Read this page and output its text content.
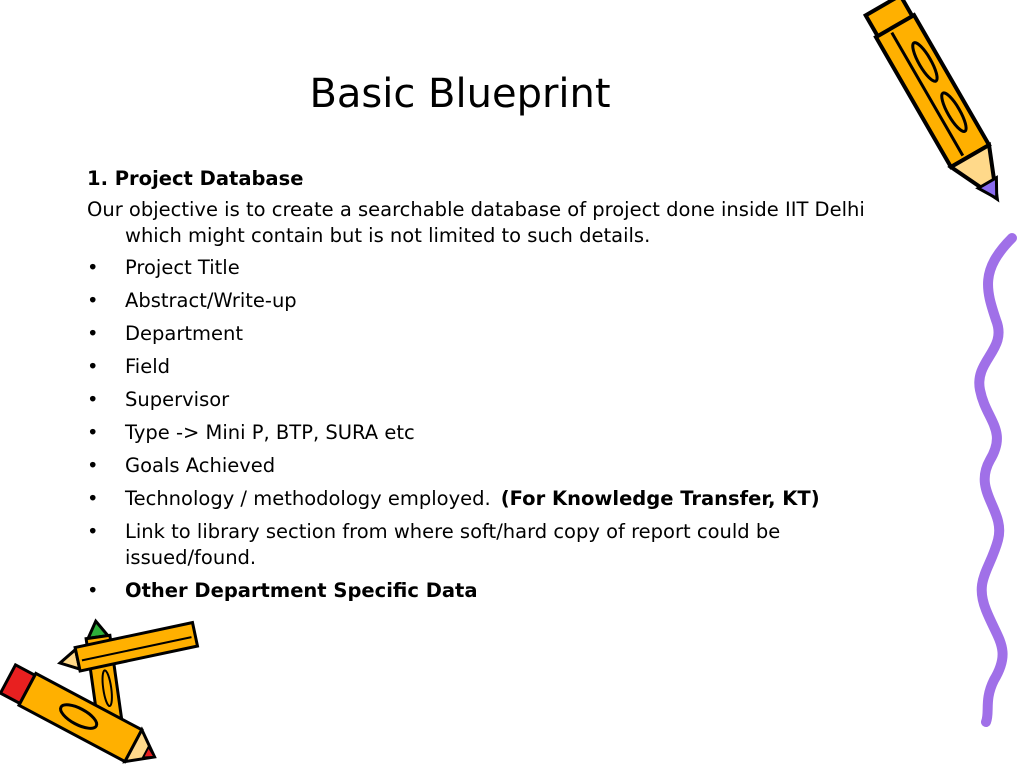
Basic Blueprint
1. Project Database
Our objective is to create a searchable database of project done inside IIT Delhi which might contain but is not limited to such details.
• Project Title
• Abstract/Write-up
• Department
• Field
• Supervisor
• Type -> Mini P, BTP, SURA etc
• Goals Achieved
• Technology / methodology employed. (For Knowledge Transfer, KT)
• Link to library section from where soft/hard copy of report could be issued/found.
• Other Department Specific Data
